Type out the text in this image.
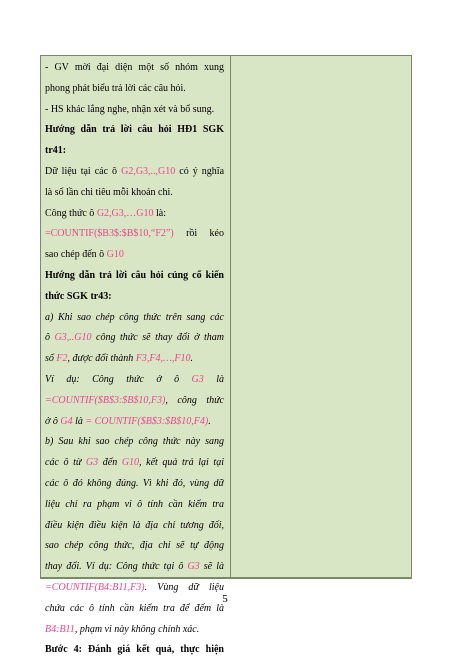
- GV mời đại diện một số nhóm xung
phong phát biểu trả lời các câu hỏi.
- HS khác lắng nghe, nhận xét và bổ sung.
Hướng dẫn trả lời câu hỏi HĐ1 SGK
tr41:
Dữ liệu tại các ô G2,G3,..,G10 có ý nghĩa
là số lần chi tiêu mỗi khoản chi.
Công thức ô G2,G3,…G10 là:
=COUNTIF($B3$:$B$10,“F2”) rồi kéo
sao chép đến ô G10
Hướng dẫn trả lời câu hỏi củng cố kiến
thức SGK tr43:
a) Khi sao chép công thức trên sang các
ô G3,..G10 công thức sẽ thay đổi ở tham
số F2, được đổi thành F3,F4,…,F10.
Ví dụ: Công thức ở ô G3 là
=COUNTIF($B$3:$B$10,F3), công thức
ở ô G4 là = COUNTIF($B$3:$B$10,F4).
b) Sau khi sao chép công thức này sang
các ô từ G3 đến G10, kết quả trả lại tại
các ô đó không đúng. Vì khi đó, vùng dữ
liệu chỉ ra phạm vi ô tính cần kiểm tra
điều kiện điều kiện là địa chỉ tương đối,
sao chép công thức, địa chỉ sẽ tự động
thay đổi. Ví dụ: Công thức tại ô G3 sẽ là
=COUNTIF(B4:B11,F3). Vùng dữ liệu
chứa các ô tính cần kiểm tra để đếm là
B4:B11, phạm vi này không chính xác.
Bước 4: Đánh giá kết quả, thực hiện
5
